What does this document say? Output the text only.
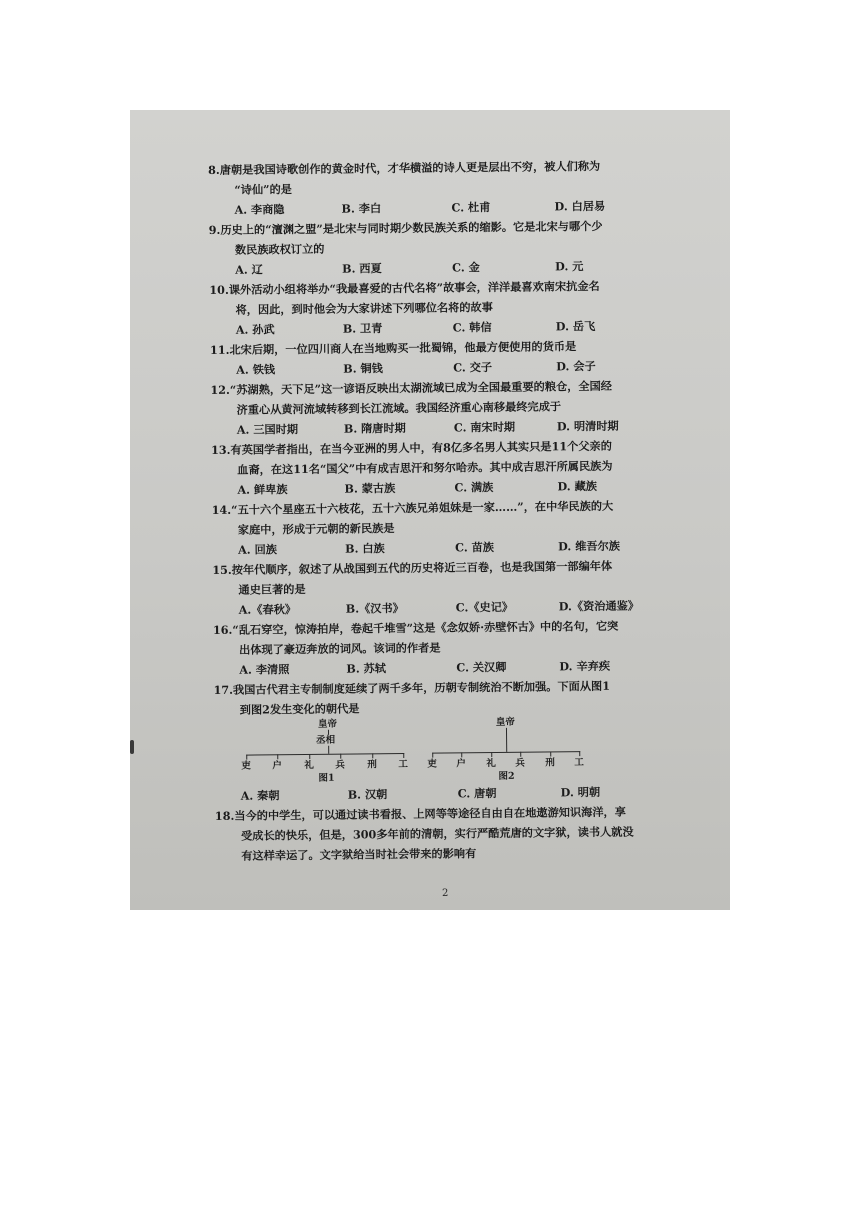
8.唐朝是我国诗歌创作的黄金时代，才华横溢的诗人更是层出不穷，被人们称为
“诗仙”的是
A. 李商隐	B. 李白	C. 杜甫	D. 白居易
9.历史上的“澶渊之盟”是北宋与同时期少数民族关系的缩影。它是北宋与哪个少
数民族政权订立的
A. 辽	B. 西夏	C. 金	D. 元
10.课外活动小组将举办“我最喜爱的古代名将”故事会，洋洋最喜欢南宋抗金名
将，因此，到时他会为大家讲述下列哪位名将的故事
A. 孙武	B. 卫青	C. 韩信	D. 岳飞
11.北宋后期，一位四川商人在当地购买一批蜀锦，他最方便使用的货币是
A. 铁钱	B. 铜钱	C. 交子	D. 会子
12.“苏湖熟，天下足”这一谚语反映出太湖流域已成为全国最重要的粮仓，全国经
济重心从黄河流域转移到长江流域。我国经济重心南移最终完成于
A. 三国时期	B. 隋唐时期	C. 南宋时期	D. 明清时期
13.有英国学者指出，在当今亚洲的男人中，有8亿多名男人其实只是11个父亲的
血裔，在这11名“国父”中有成吉思汗和努尔哈赤。其中成吉思汗所属民族为
A. 鲜卑族	B. 蒙古族	C. 满族	D. 藏族
14.“五十六个星座五十六枝花，五十六族兄弟姐妹是一家……”，在中华民族的大
家庭中，形成于元朝的新民族是
A. 回族	B. 白族	C. 苗族	D. 维吾尔族
15.按年代顺序，叙述了从战国到五代的历史将近三百卷，也是我国第一部编年体
通史巨著的是
A.《春秋》	B.《汉书》	C.《史记》	D.《资治通鉴》
16.“乱石穿空，惊涛拍岸，卷起千堆雪”这是《念奴娇·赤壁怀古》中的名句，它突
出体现了豪迈奔放的词风。该词的作者是
A. 李清照	B. 苏轼	C. 关汉卿	D. 辛弃疾
17.我国古代君主专制制度延续了两千多年，历朝专制统治不断加强。下面从图1
到图2发生变化的朝代是
皇帝
丞相
吏 户 礼 兵 刑 工
图1
皇帝
吏 户 礼 兵 刑 工
图2
A. 秦朝	B. 汉朝	C. 唐朝	D. 明朝
18.当今的中学生，可以通过读书看报、上网等等途径自由自在地遨游知识海洋，享
受成长的快乐，但是，300多年前的清朝，实行严酷荒唐的文字狱，读书人就没
有这样幸运了。文字狱给当时社会带来的影响有
2
